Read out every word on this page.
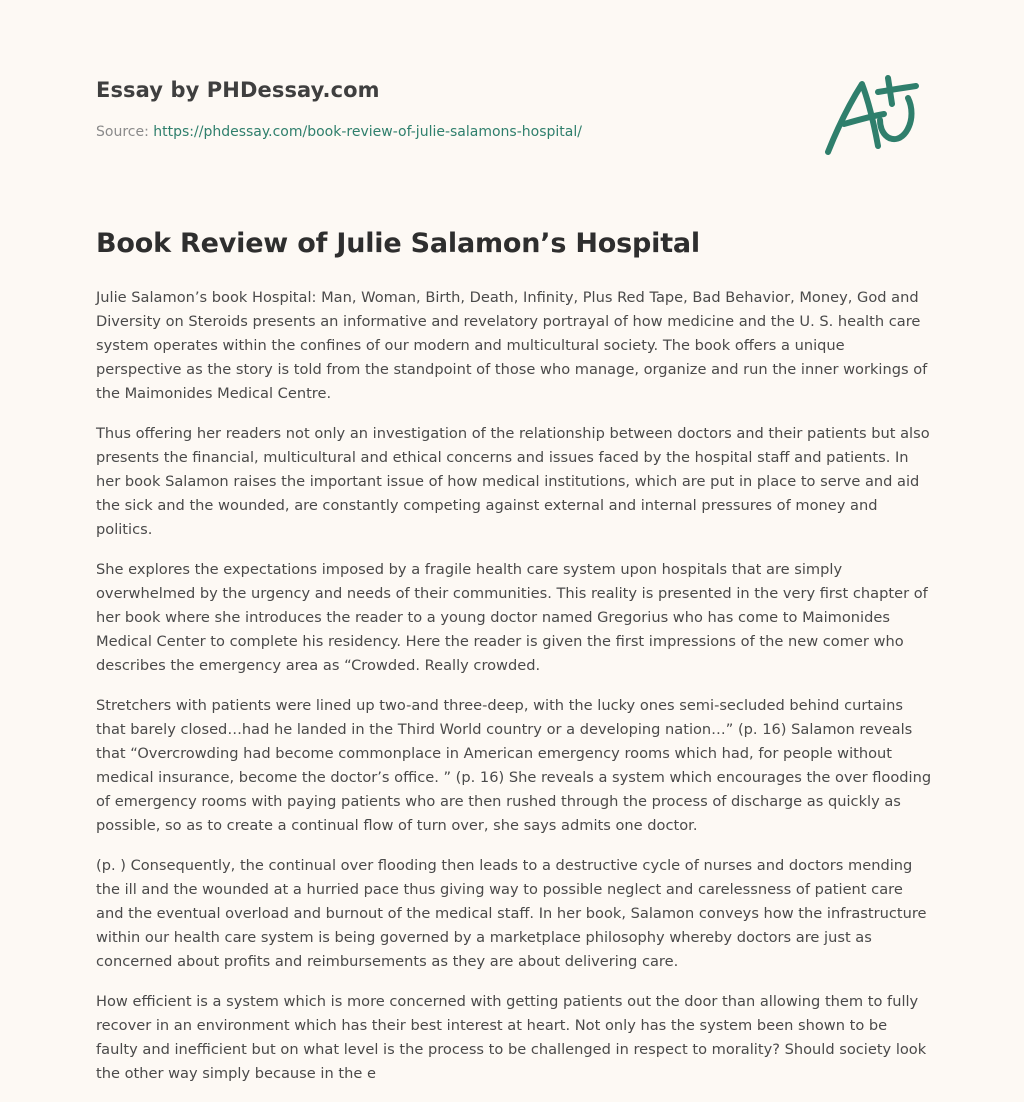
Essay by PHDessay.com
Source: https://phdessay.com/book-review-of-julie-salamons-hospital/
Book Review of Julie Salamon’s Hospital

Julie Salamon’s book Hospital: Man, Woman, Birth, Death, Infinity, Plus Red Tape, Bad Behavior, Money, God and Diversity on Steroids presents an informative and revelatory portrayal of how medicine and the U. S. health care system operates within the confines of our modern and multicultural society. The book offers a unique perspective as the story is told from the standpoint of those who manage, organize and run the inner workings of the Maimonides Medical Centre.

Thus offering her readers not only an investigation of the relationship between doctors and their patients but also presents the financial, multicultural and ethical concerns and issues faced by the hospital staff and patients. In her book Salamon raises the important issue of how medical institutions, which are put in place to serve and aid the sick and the wounded, are constantly competing against external and internal pressures of money and politics.

She explores the expectations imposed by a fragile health care system upon hospitals that are simply overwhelmed by the urgency and needs of their communities. This reality is presented in the very first chapter of her book where she introduces the reader to a young doctor named Gregorius who has come to Maimonides Medical Center to complete his residency. Here the reader is given the first impressions of the new comer who describes the emergency area as “Crowded. Really crowded.

Stretchers with patients were lined up two-and three-deep, with the lucky ones semi-secluded behind curtains that barely closed…had he landed in the Third World country or a developing nation…” (p. 16) Salamon reveals that “Overcrowding had become commonplace in American emergency rooms which had, for people without medical insurance, become the doctor’s office. ” (p. 16) She reveals a system which encourages the over flooding of emergency rooms with paying patients who are then rushed through the process of discharge as quickly as possible, so as to create a continual flow of turn over, she says admits one doctor.

(p. ) Consequently, the continual over flooding then leads to a destructive cycle of nurses and doctors mending the ill and the wounded at a hurried pace thus giving way to possible neglect and carelessness of patient care and the eventual overload and burnout of the medical staff. In her book, Salamon conveys how the infrastructure within our health care system is being governed by a marketplace philosophy whereby doctors are just as concerned about profits and reimbursements as they are about delivering care.

How efficient is a system which is more concerned with getting patients out the door than allowing them to fully recover in an environment which has their best interest at heart. Not only has the system been shown to be faulty and inefficient but on what level is the process to be challenged in respect to morality? Should society look the other way simply because in the e
